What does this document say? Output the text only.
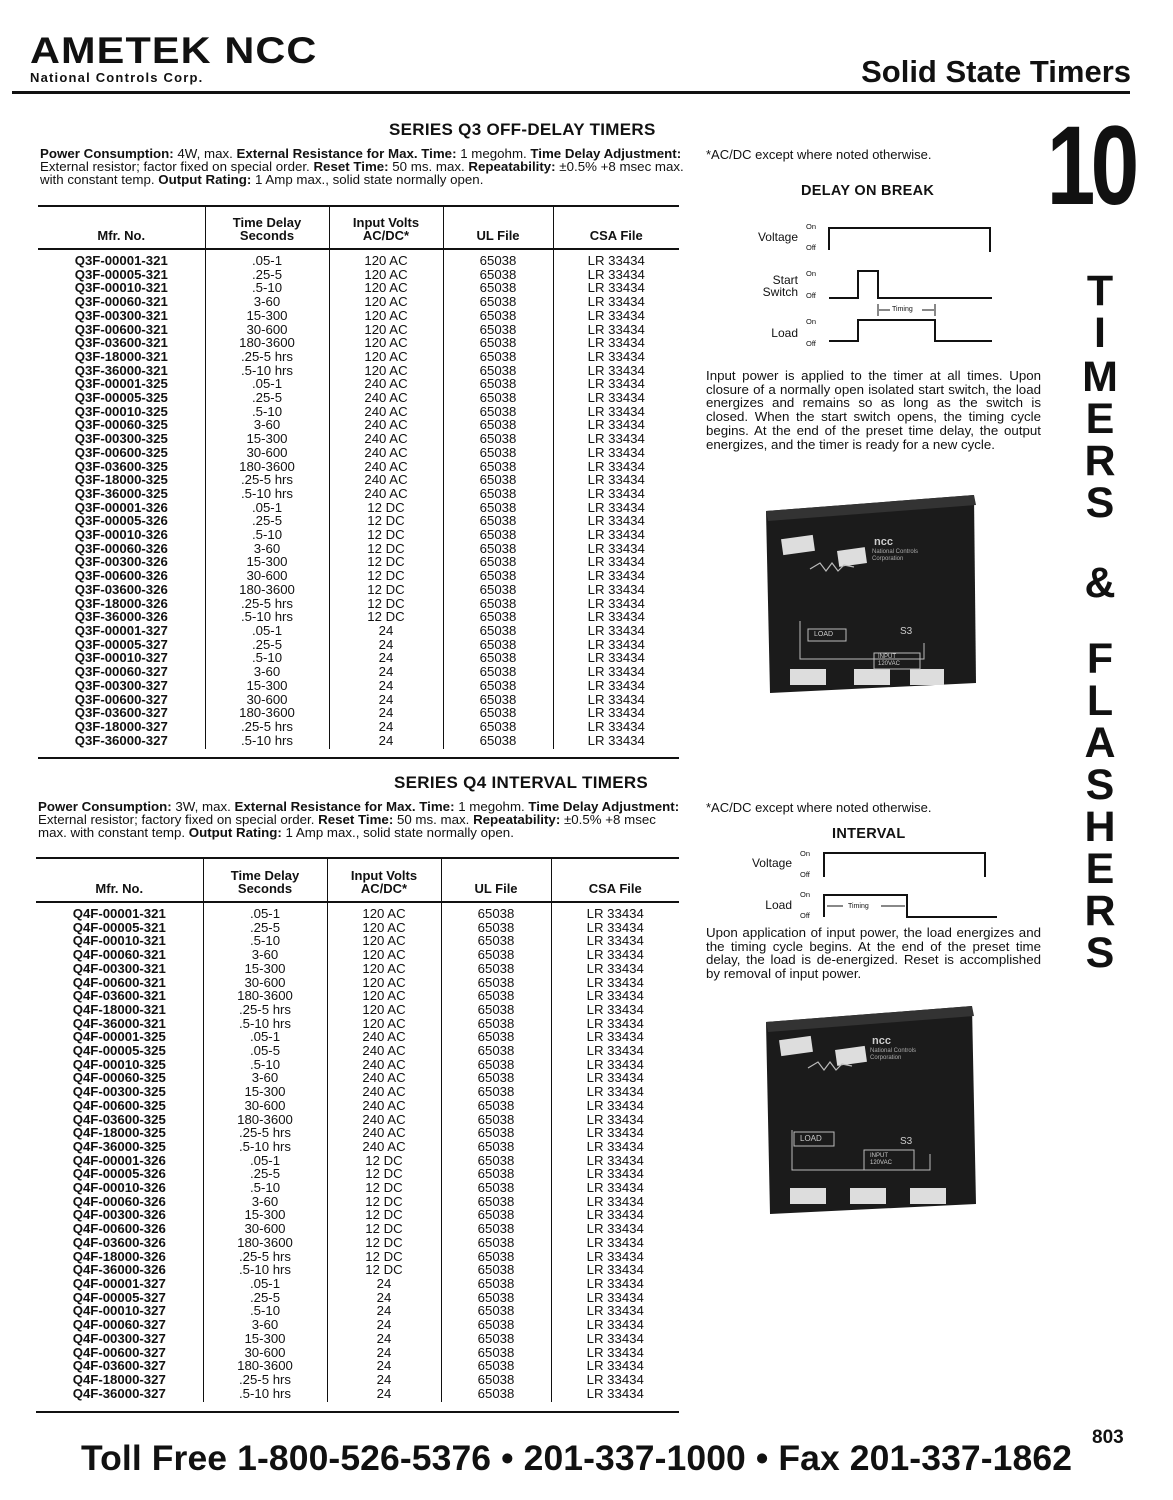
AMETEK NCC
National Controls Corp.	Solid State Timers
SERIES Q3 OFF-DELAY TIMERS
Power Consumption: 4W, max. External Resistance for Max. Time: 1 megohm. Time Delay Adjustment: External resistor; factor fixed on special order. Reset Time: 50 ms. max. Repeatability: ±0.5% +8 msec max. with constant temp. Output Rating: 1 Amp max., solid state normally open.
Mfr. No.	Time Delay Seconds	Input Volts AC/DC*	UL File	CSA File
Q3F-00001-321	.05-1	120 AC	65038	LR 33434
Q3F-00005-321	.25-5	120 AC	65038	LR 33434
Q3F-00010-321	.5-10	120 AC	65038	LR 33434
Q3F-00060-321	3-60	120 AC	65038	LR 33434
Q3F-00300-321	15-300	120 AC	65038	LR 33434
Q3F-00600-321	30-600	120 AC	65038	LR 33434
Q3F-03600-321	180-3600	120 AC	65038	LR 33434
Q3F-18000-321	.25-5 hrs	120 AC	65038	LR 33434
Q3F-36000-321	.5-10 hrs	120 AC	65038	LR 33434
Q3F-00001-325	.05-1	240 AC	65038	LR 33434
Q3F-00005-325	.25-5	240 AC	65038	LR 33434
Q3F-00010-325	.5-10	240 AC	65038	LR 33434
Q3F-00060-325	3-60	240 AC	65038	LR 33434
Q3F-00300-325	15-300	240 AC	65038	LR 33434
Q3F-00600-325	30-600	240 AC	65038	LR 33434
Q3F-03600-325	180-3600	240 AC	65038	LR 33434
Q3F-18000-325	.25-5 hrs	240 AC	65038	LR 33434
Q3F-36000-325	.5-10 hrs	240 AC	65038	LR 33434
Q3F-00001-326	.05-1	12 DC	65038	LR 33434
Q3F-00005-326	.25-5	12 DC	65038	LR 33434
Q3F-00010-326	.5-10	12 DC	65038	LR 33434
Q3F-00060-326	3-60	12 DC	65038	LR 33434
Q3F-00300-326	15-300	12 DC	65038	LR 33434
Q3F-00600-326	30-600	12 DC	65038	LR 33434
Q3F-03600-326	180-3600	12 DC	65038	LR 33434
Q3F-18000-326	.25-5 hrs	12 DC	65038	LR 33434
Q3F-36000-326	.5-10 hrs	12 DC	65038	LR 33434
Q3F-00001-327	.05-1	24	65038	LR 33434
Q3F-00005-327	.25-5	24	65038	LR 33434
Q3F-00010-327	.5-10	24	65038	LR 33434
Q3F-00060-327	3-60	24	65038	LR 33434
Q3F-00300-327	15-300	24	65038	LR 33434
Q3F-00600-327	30-600	24	65038	LR 33434
Q3F-03600-327	180-3600	24	65038	LR 33434
Q3F-18000-327	.25-5 hrs	24	65038	LR 33434
Q3F-36000-327	.5-10 hrs	24	65038	LR 33434
SERIES Q4 INTERVAL TIMERS
Power Consumption: 3W, max. External Resistance for Max. Time: 1 megohm. Time Delay Adjustment: External resistor; factory fixed on special order. Reset Time: 50 ms. max. Repeatability: ±0.5% +8 msec max. with constant temp. Output Rating: 1 Amp max., solid state normally open.
Mfr. No.	Time Delay Seconds	Input Volts AC/DC*	UL File	CSA File
Q4F-00001-321	.05-1	120 AC	65038	LR 33434
Q4F-00005-321	.25-5	120 AC	65038	LR 33434
Q4F-00010-321	.5-10	120 AC	65038	LR 33434
Q4F-00060-321	3-60	120 AC	65038	LR 33434
Q4F-00300-321	15-300	120 AC	65038	LR 33434
Q4F-00600-321	30-600	120 AC	65038	LR 33434
Q4F-03600-321	180-3600	120 AC	65038	LR 33434
Q4F-18000-321	.25-5 hrs	120 AC	65038	LR 33434
Q4F-36000-321	.5-10 hrs	120 AC	65038	LR 33434
Q4F-00001-325	.05-1	240 AC	65038	LR 33434
Q4F-00005-325	.05-5	240 AC	65038	LR 33434
Q4F-00010-325	.5-10	240 AC	65038	LR 33434
Q4F-00060-325	3-60	240 AC	65038	LR 33434
Q4F-00300-325	15-300	240 AC	65038	LR 33434
Q4F-00600-325	30-600	240 AC	65038	LR 33434
Q4F-03600-325	180-3600	240 AC	65038	LR 33434
Q4F-18000-325	.25-5 hrs	240 AC	65038	LR 33434
Q4F-36000-325	.5-10 hrs	240 AC	65038	LR 33434
Q4F-00001-326	.05-1	12 DC	65038	LR 33434
Q4F-00005-326	.25-5	12 DC	65038	LR 33434
Q4F-00010-326	.5-10	12 DC	65038	LR 33434
Q4F-00060-326	3-60	12 DC	65038	LR 33434
Q4F-00300-326	15-300	12 DC	65038	LR 33434
Q4F-00600-326	30-600	12 DC	65038	LR 33434
Q4F-03600-326	180-3600	12 DC	65038	LR 33434
Q4F-18000-326	.25-5 hrs	12 DC	65038	LR 33434
Q4F-36000-326	.5-10 hrs	12 DC	65038	LR 33434
Q4F-00001-327	.05-1	24	65038	LR 33434
Q4F-00005-327	.25-5	24	65038	LR 33434
Q4F-00010-327	.5-10	24	65038	LR 33434
Q4F-00060-327	3-60	24	65038	LR 33434
Q4F-00300-327	15-300	24	65038	LR 33434
Q4F-00600-327	30-600	24	65038	LR 33434
Q4F-03600-327	180-3600	24	65038	LR 33434
Q4F-18000-327	.25-5 hrs	24	65038	LR 33434
Q4F-36000-327	.5-10 hrs	24	65038	LR 33434
*AC/DC except where noted otherwise.
DELAY ON BREAK
Voltage
On
Off
Start Switch
On
Off
Load
On
Off
Timing
Input power is applied to the timer at all times. Upon closure of a normally open isolated start switch, the load energizes and remains so as long as the switch is closed. When the start switch opens, the timing cycle begins. At the end of the preset time delay, the output energizes, and the timer is ready for a new cycle.
ncc
National Controls Corporation
LOAD
INPUT 120VAC
S3
*AC/DC except where noted otherwise.
INTERVAL
Voltage
On
Off
Load
On
Off
Timing
Upon application of input power, the load energizes and the timing cycle begins. At the end of the preset time delay, the load is de-energized. Reset is accomplished by removal of input power.
ncc
National Controls Corporation
LOAD
INPUT 120VAC
S3
10
T
I
M
E
R
S
&
F
L
A
S
H
E
R
S
803
Toll Free 1-800-526-5376 • 201-337-1000 • Fax 201-337-1862
